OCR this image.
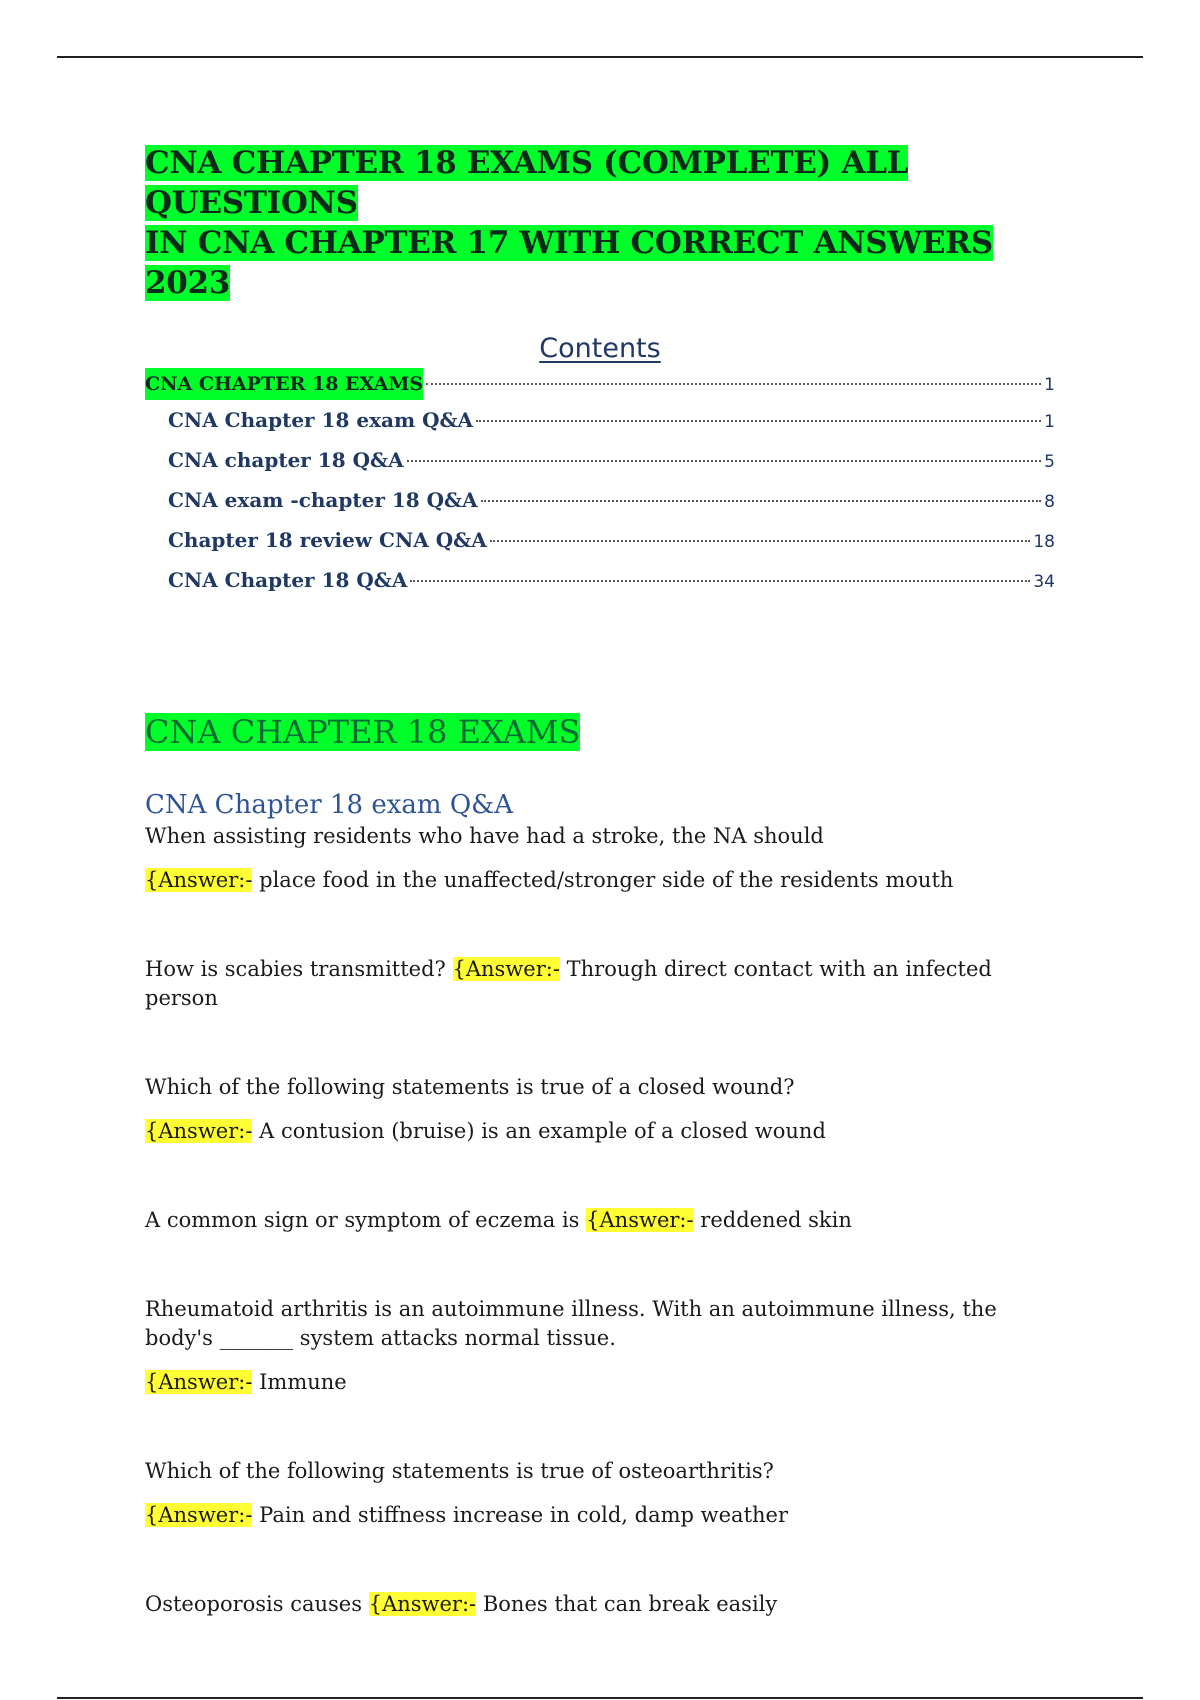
CNA CHAPTER 18 EXAMS (COMPLETE) ALL QUESTIONS
IN CNA CHAPTER 17 WITH CORRECT ANSWERS 2023
Contents
CNA CHAPTER 18 EXAMS	1
CNA Chapter 18 exam Q&A	1
CNA chapter 18 Q&A	5
CNA exam -chapter 18 Q&A	8
Chapter 18 review CNA Q&A	18
CNA Chapter 18 Q&A	34
CNA CHAPTER 18 EXAMS
CNA Chapter 18 exam Q&A

When assisting residents who have had a stroke, the NA should

{Answer:- place food in the unaffected/stronger side of the residents mouth

How is scabies transmitted? {Answer:- Through direct contact with an infected person

Which of the following statements is true of a closed wound?

{Answer:- A contusion (bruise) is an example of a closed wound

A common sign or symptom of eczema is {Answer:- reddened skin

Rheumatoid arthritis is an autoimmune illness. With an autoimmune illness, the body's _______ system attacks normal tissue.

{Answer:- Immune

Which of the following statements is true of osteoarthritis?

{Answer:- Pain and stiffness increase in cold, damp weather

Osteoporosis causes {Answer:- Bones that can break easily
